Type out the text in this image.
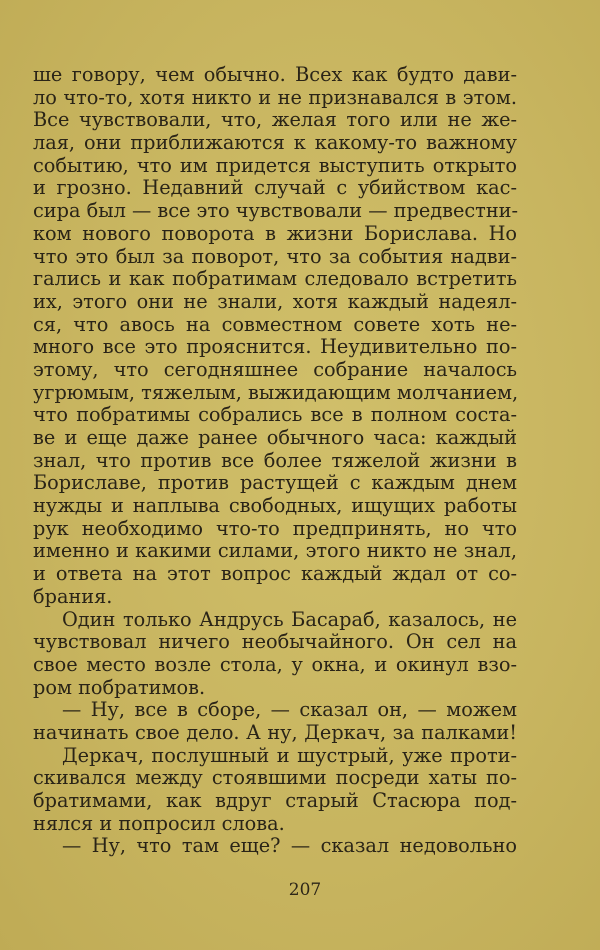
ше говору, чем обычно. Всех как будто дави-
ло что-то, хотя никто и не признавался в этом.
Все чувствовали, что, желая того или не же-
лая, они приближаются к какому-то важному
событию, что им придется выступить открыто
и грозно. Недавний случай с убийством кас-
сира был — все это чувствовали — предвестни-
ком нового поворота в жизни Борислава. Но
что это был за поворот, что за события надви-
гались и как побратимам следовало встретить
их, этого они не знали, хотя каждый надеял-
ся, что авось на совместном совете хоть не-
много все это прояснится. Неудивительно по-
этому, что сегодняшнее собрание началось
угрюмым, тяжелым, выжидающим молчанием,
что побратимы собрались все в полном соста-
ве и еще даже ранее обычного часа: каждый
знал, что против все более тяжелой жизни в
Бориславе, против растущей с каждым днем
нужды и наплыва свободных, ищущих работы
рук необходимо что-то предпринять, но что
именно и какими силами, этого никто не знал,
и ответа на этот вопрос каждый ждал от со-
брания.
Один только Андрусь Басараб, казалось, не
чувствовал ничего необычайного. Он сел на
свое место возле стола, у окна, и окинул взо-
ром побратимов.
— Ну, все в сборе, — сказал он, — можем
начинать свое дело. А ну, Деркач, за палками!
Деркач, послушный и шустрый, уже проти-
скивался между стоявшими посреди хаты по-
братимами, как вдруг старый Стасюра под-
нялся и попросил слова.
— Ну, что там еще? — сказал недовольно
207
